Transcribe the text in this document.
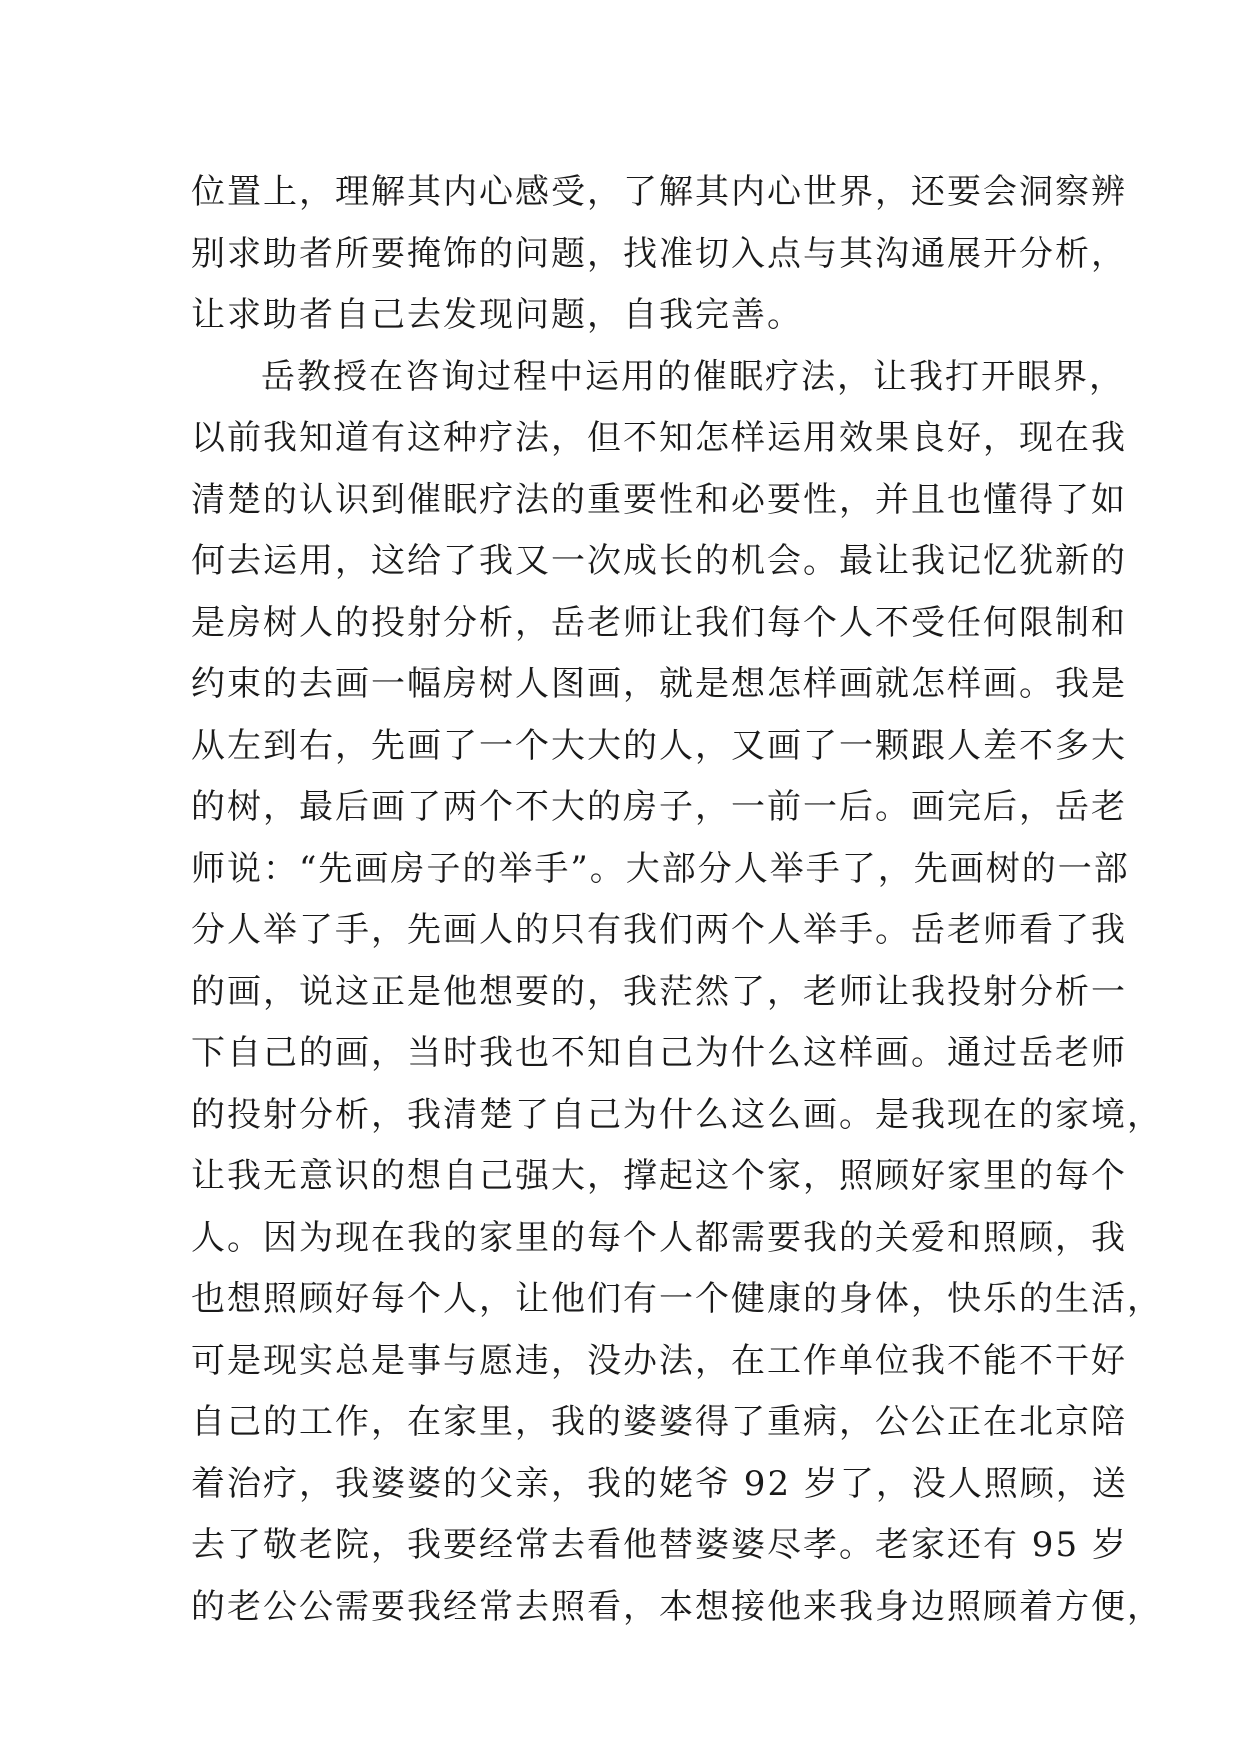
位置上，理解其内心感受，了解其内心世界，还要会洞察辨
别求助者所要掩饰的问题，找准切入点与其沟通展开分析，
让求助者自己去发现问题，自我完善。
岳教授在咨询过程中运用的催眠疗法，让我打开眼界，
以前我知道有这种疗法，但不知怎样运用效果良好，现在我
清楚的认识到催眠疗法的重要性和必要性，并且也懂得了如
何去运用，这给了我又一次成长的机会。最让我记忆犹新的
是房树人的投射分析，岳老师让我们每个人不受任何限制和
约束的去画一幅房树人图画，就是想怎样画就怎样画。我是
从左到右，先画了一个大大的人，又画了一颗跟人差不多大
的树，最后画了两个不大的房子，一前一后。画完后，岳老
师说：“先画房子的举手”。大部分人举手了，先画树的一部
分人举了手，先画人的只有我们两个人举手。岳老师看了我
的画，说这正是他想要的，我茫然了，老师让我投射分析一
下自己的画，当时我也不知自己为什么这样画。通过岳老师
的投射分析，我清楚了自己为什么这么画。是我现在的家境，
让我无意识的想自己强大，撑起这个家，照顾好家里的每个
人。因为现在我的家里的每个人都需要我的关爱和照顾，我
也想照顾好每个人，让他们有一个健康的身体，快乐的生活，
可是现实总是事与愿违，没办法，在工作单位我不能不干好
自己的工作，在家里，我的婆婆得了重病，公公正在北京陪
着治疗，我婆婆的父亲，我的姥爷 92 岁了，没人照顾，送
去了敬老院，我要经常去看他替婆婆尽孝。老家还有 95 岁
的老公公需要我经常去照看，本想接他来我身边照顾着方便，
